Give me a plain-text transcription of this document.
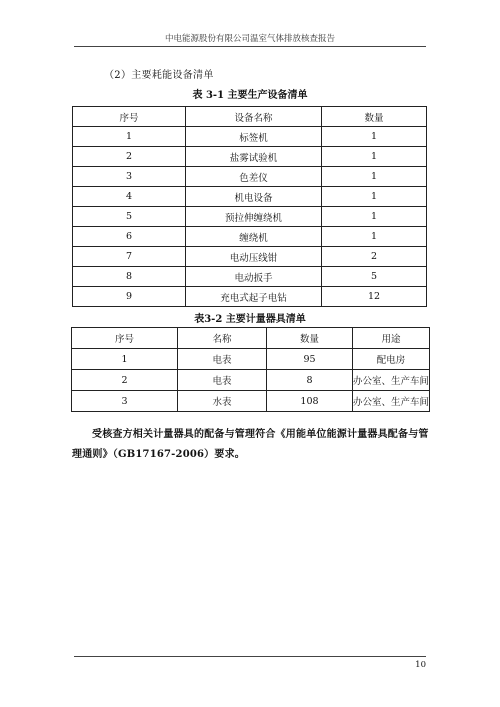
中电能源股份有限公司温室气体排放核查报告
（2）主要耗能设备清单
表 3-1 主要生产设备清单
序号	设备名称	数量
1	标签机	1
2	盐雾试验机	1
3	色差仪	1
4	机电设备	1
5	预拉伸缠绕机	1
6	缠绕机	1
7	电动压线钳	2
8	电动扳手	5
9	充电式起子电钻	12
表3-2 主要计量器具清单
序号	名称	数量	用途
1	电表	95	配电房
2	电表	8	办公室、生产车间
3	水表	108	办公室、生产车间
受核查方相关计量器具的配备与管理符合《用能单位能源计量器具配备与管理通则》（GB17167-2006）要求。
10
